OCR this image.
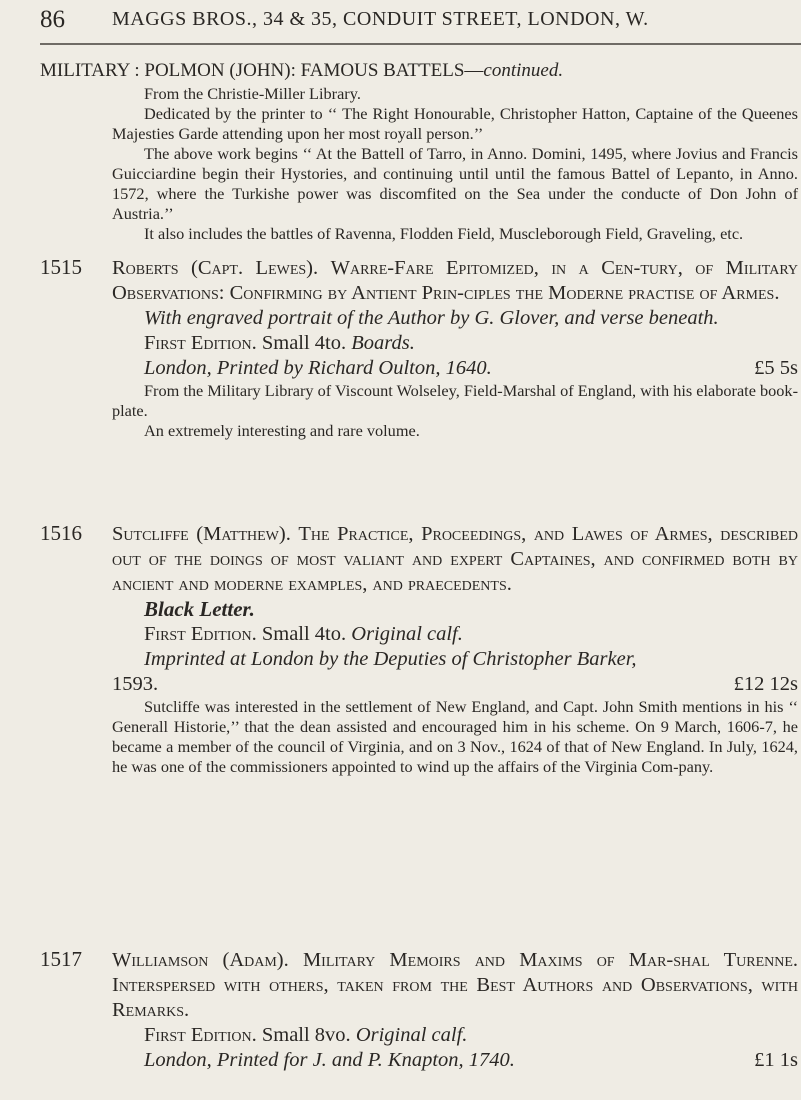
86 MAGGS BROS., 34 & 35, CONDUIT STREET, LONDON, W.
MILITARY : POLMON (JOHN): FAMOUS BATTELS—continued.

From the Christie-Miller Library.

Dedicated by the printer to ‘‘ The Right Honourable, Christopher Hatton, Captaine of the Queenes Majesties Garde attending upon her most royall person.’’

The above work begins ‘‘ At the Battell of Tarro, in Anno. Domini, 1495, where Jovius and Francis Guicciardine begin their Hystories, and continuing until until the famous Battel of Lepanto, in Anno. 1572, where the Turkishe power was discomfited on the Sea under the conducte of Don John of Austria.’’

It also includes the battles of Ravenna, Flodden Field, Muscleborough Field, Graveling, etc.

1515 Roberts (Capt. Lewes). Warre-Fare Epitomized, in a Cen-tury, of Military Observations: Confirming by Antient Prin-ciples the Moderne practise of Armes.

With engraved portrait of the Author by G. Glover, and verse beneath.

First Edition. Small 4to. Boards.

London, Printed by Richard Oulton, 1640.	£5 5s

From the Military Library of Viscount Wolseley, Field-Marshal of England, with his elaborate book-plate.

An extremely interesting and rare volume.

1516 Sutcliffe (Matthew). The Practice, Proceedings, and Lawes of Armes, described out of the doings of most valiant and expert Captaines, and confirmed both by ancient and moderne examples, and praecedents.

Black Letter.

First Edition. Small 4to. Original calf.

Imprinted at London by the Deputies of Christopher Barker,

1593.	£12 12s

Sutcliffe was interested in the settlement of New England, and Capt. John Smith mentions in his ‘‘ Generall Historie,’’ that the dean assisted and encouraged him in his scheme. On 9 March, 1606-7, he became a member of the council of Virginia, and on 3 Nov., 1624 of that of New England. In July, 1624, he was one of the commissioners appointed to wind up the affairs of the Virginia Com-pany.

1517 Williamson (Adam). Military Memoirs and Maxims of Mar-shal Turenne. Interspersed with others, taken from the Best Authors and Observations, with Remarks.

First Edition. Small 8vo. Original calf.

London, Printed for J. and P. Knapton, 1740.	£1 1s
